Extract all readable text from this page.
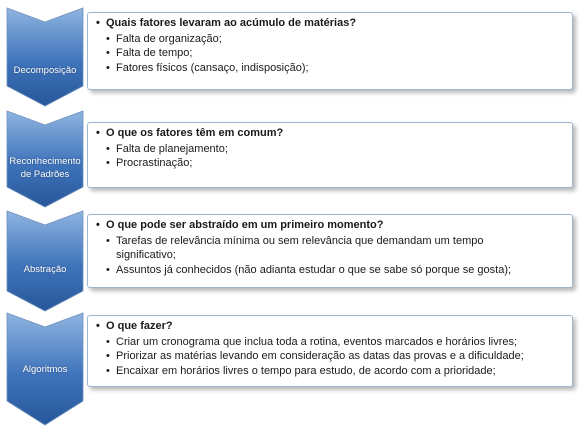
Decomposição
• Quais fatores levaram ao acúmulo de matérias?
• Falta de organização;
• Falta de tempo;
• Fatores físicos (cansaço, indisposição);
Reconhecimento de Padrões
• O que os fatores têm em comum?
• Falta de planejamento;
• Procrastinação;
Abstração
• O que pode ser abstraído em um primeiro momento?
• Tarefas de relevância mínima ou sem relevância que demandam um tempo significativo;
• Assuntos já conhecidos (não adianta estudar o que se sabe só porque se gosta);
Algoritmos
• O que fazer?
• Criar um cronograma que inclua toda a rotina, eventos marcados e horários livres;
• Priorizar as matérias levando em consideração as datas das provas e a dificuldade;
• Encaixar em horários livres o tempo para estudo, de acordo com a prioridade;
